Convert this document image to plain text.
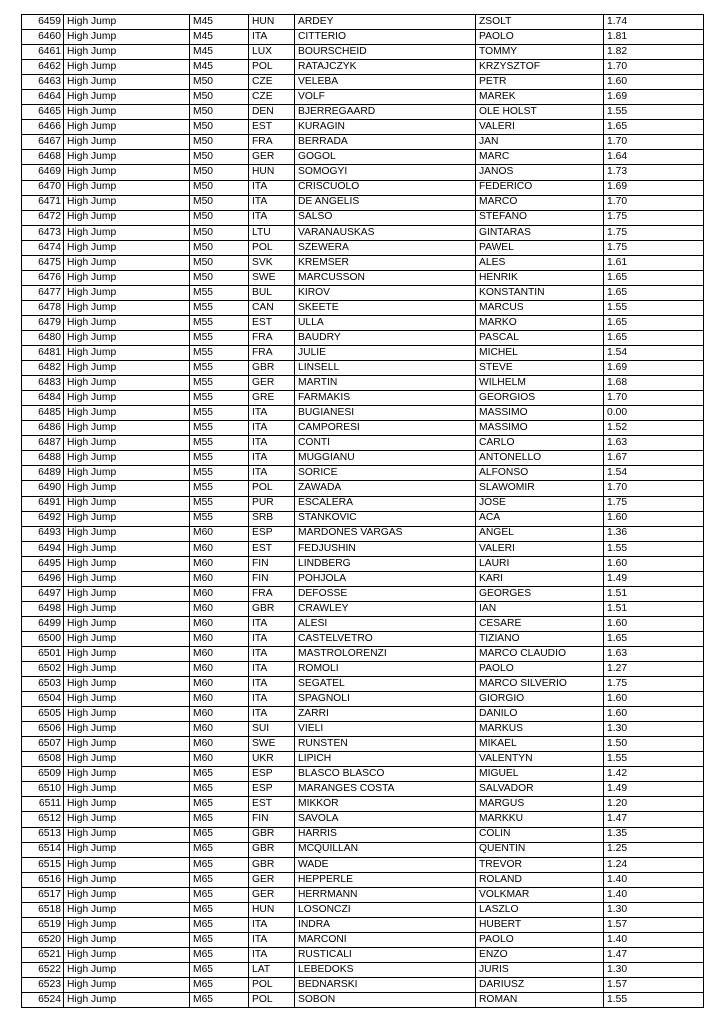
6459	High Jump	M45	HUN	ARDEY	ZSOLT	1.74
6460	High Jump	M45	ITA	CITTERIO	PAOLO	1.81
6461	High Jump	M45	LUX	BOURSCHEID	TOMMY	1.82
6462	High Jump	M45	POL	RATAJCZYK	KRZYSZTOF	1.70
6463	High Jump	M50	CZE	VELEBA	PETR	1.60
6464	High Jump	M50	CZE	VOLF	MAREK	1.69
6465	High Jump	M50	DEN	BJERREGAARD	OLE HOLST	1.55
6466	High Jump	M50	EST	KURAGIN	VALERI	1.65
6467	High Jump	M50	FRA	BERRADA	JAN	1.70
6468	High Jump	M50	GER	GOGOL	MARC	1.64
6469	High Jump	M50	HUN	SOMOGYI	JANOS	1.73
6470	High Jump	M50	ITA	CRISCUOLO	FEDERICO	1.69
6471	High Jump	M50	ITA	DE ANGELIS	MARCO	1.70
6472	High Jump	M50	ITA	SALSO	STEFANO	1.75
6473	High Jump	M50	LTU	VARANAUSKAS	GINTARAS	1.75
6474	High Jump	M50	POL	SZEWERA	PAWEL	1.75
6475	High Jump	M50	SVK	KREMSER	ALES	1.61
6476	High Jump	M50	SWE	MARCUSSON	HENRIK	1.65
6477	High Jump	M55	BUL	KIROV	KONSTANTIN	1.65
6478	High Jump	M55	CAN	SKEETE	MARCUS	1.55
6479	High Jump	M55	EST	ULLA	MARKO	1.65
6480	High Jump	M55	FRA	BAUDRY	PASCAL	1.65
6481	High Jump	M55	FRA	JULIE	MICHEL	1.54
6482	High Jump	M55	GBR	LINSELL	STEVE	1.69
6483	High Jump	M55	GER	MARTIN	WILHELM	1.68
6484	High Jump	M55	GRE	FARMAKIS	GEORGIOS	1.70
6485	High Jump	M55	ITA	BUGIANESI	MASSIMO	0.00
6486	High Jump	M55	ITA	CAMPORESI	MASSIMO	1.52
6487	High Jump	M55	ITA	CONTI	CARLO	1.63
6488	High Jump	M55	ITA	MUGGIANU	ANTONELLO	1.67
6489	High Jump	M55	ITA	SORICE	ALFONSO	1.54
6490	High Jump	M55	POL	ZAWADA	SLAWOMIR	1.70
6491	High Jump	M55	PUR	ESCALERA	JOSE	1.75
6492	High Jump	M55	SRB	STANKOVIC	ACA	1.60
6493	High Jump	M60	ESP	MARDONES VARGAS	ANGEL	1.36
6494	High Jump	M60	EST	FEDJUSHIN	VALERI	1.55
6495	High Jump	M60	FIN	LINDBERG	LAURI	1.60
6496	High Jump	M60	FIN	POHJOLA	KARI	1.49
6497	High Jump	M60	FRA	DEFOSSE	GEORGES	1.51
6498	High Jump	M60	GBR	CRAWLEY	IAN	1.51
6499	High Jump	M60	ITA	ALESI	CESARE	1.60
6500	High Jump	M60	ITA	CASTELVETRO	TIZIANO	1.65
6501	High Jump	M60	ITA	MASTROLORENZI	MARCO CLAUDIO	1.63
6502	High Jump	M60	ITA	ROMOLI	PAOLO	1.27
6503	High Jump	M60	ITA	SEGATEL	MARCO SILVERIO	1.75
6504	High Jump	M60	ITA	SPAGNOLI	GIORGIO	1.60
6505	High Jump	M60	ITA	ZARRI	DANILO	1.60
6506	High Jump	M60	SUI	VIELI	MARKUS	1.30
6507	High Jump	M60	SWE	RUNSTEN	MIKAEL	1.50
6508	High Jump	M60	UKR	LIPICH	VALENTYN	1.55
6509	High Jump	M65	ESP	BLASCO BLASCO	MIGUEL	1.42
6510	High Jump	M65	ESP	MARANGES COSTA	SALVADOR	1.49
6511	High Jump	M65	EST	MIKKOR	MARGUS	1.20
6512	High Jump	M65	FIN	SAVOLA	MARKKU	1.47
6513	High Jump	M65	GBR	HARRIS	COLIN	1.35
6514	High Jump	M65	GBR	MCQUILLAN	QUENTIN	1.25
6515	High Jump	M65	GBR	WADE	TREVOR	1.24
6516	High Jump	M65	GER	HEPPERLE	ROLAND	1.40
6517	High Jump	M65	GER	HERRMANN	VOLKMAR	1.40
6518	High Jump	M65	HUN	LOSONCZI	LASZLO	1.30
6519	High Jump	M65	ITA	INDRA	HUBERT	1.57
6520	High Jump	M65	ITA	MARCONI	PAOLO	1.40
6521	High Jump	M65	ITA	RUSTICALI	ENZO	1.47
6522	High Jump	M65	LAT	LEBEDOKS	JURIS	1.30
6523	High Jump	M65	POL	BEDNARSKI	DARIUSZ	1.57
6524	High Jump	M65	POL	SOBON	ROMAN	1.55
